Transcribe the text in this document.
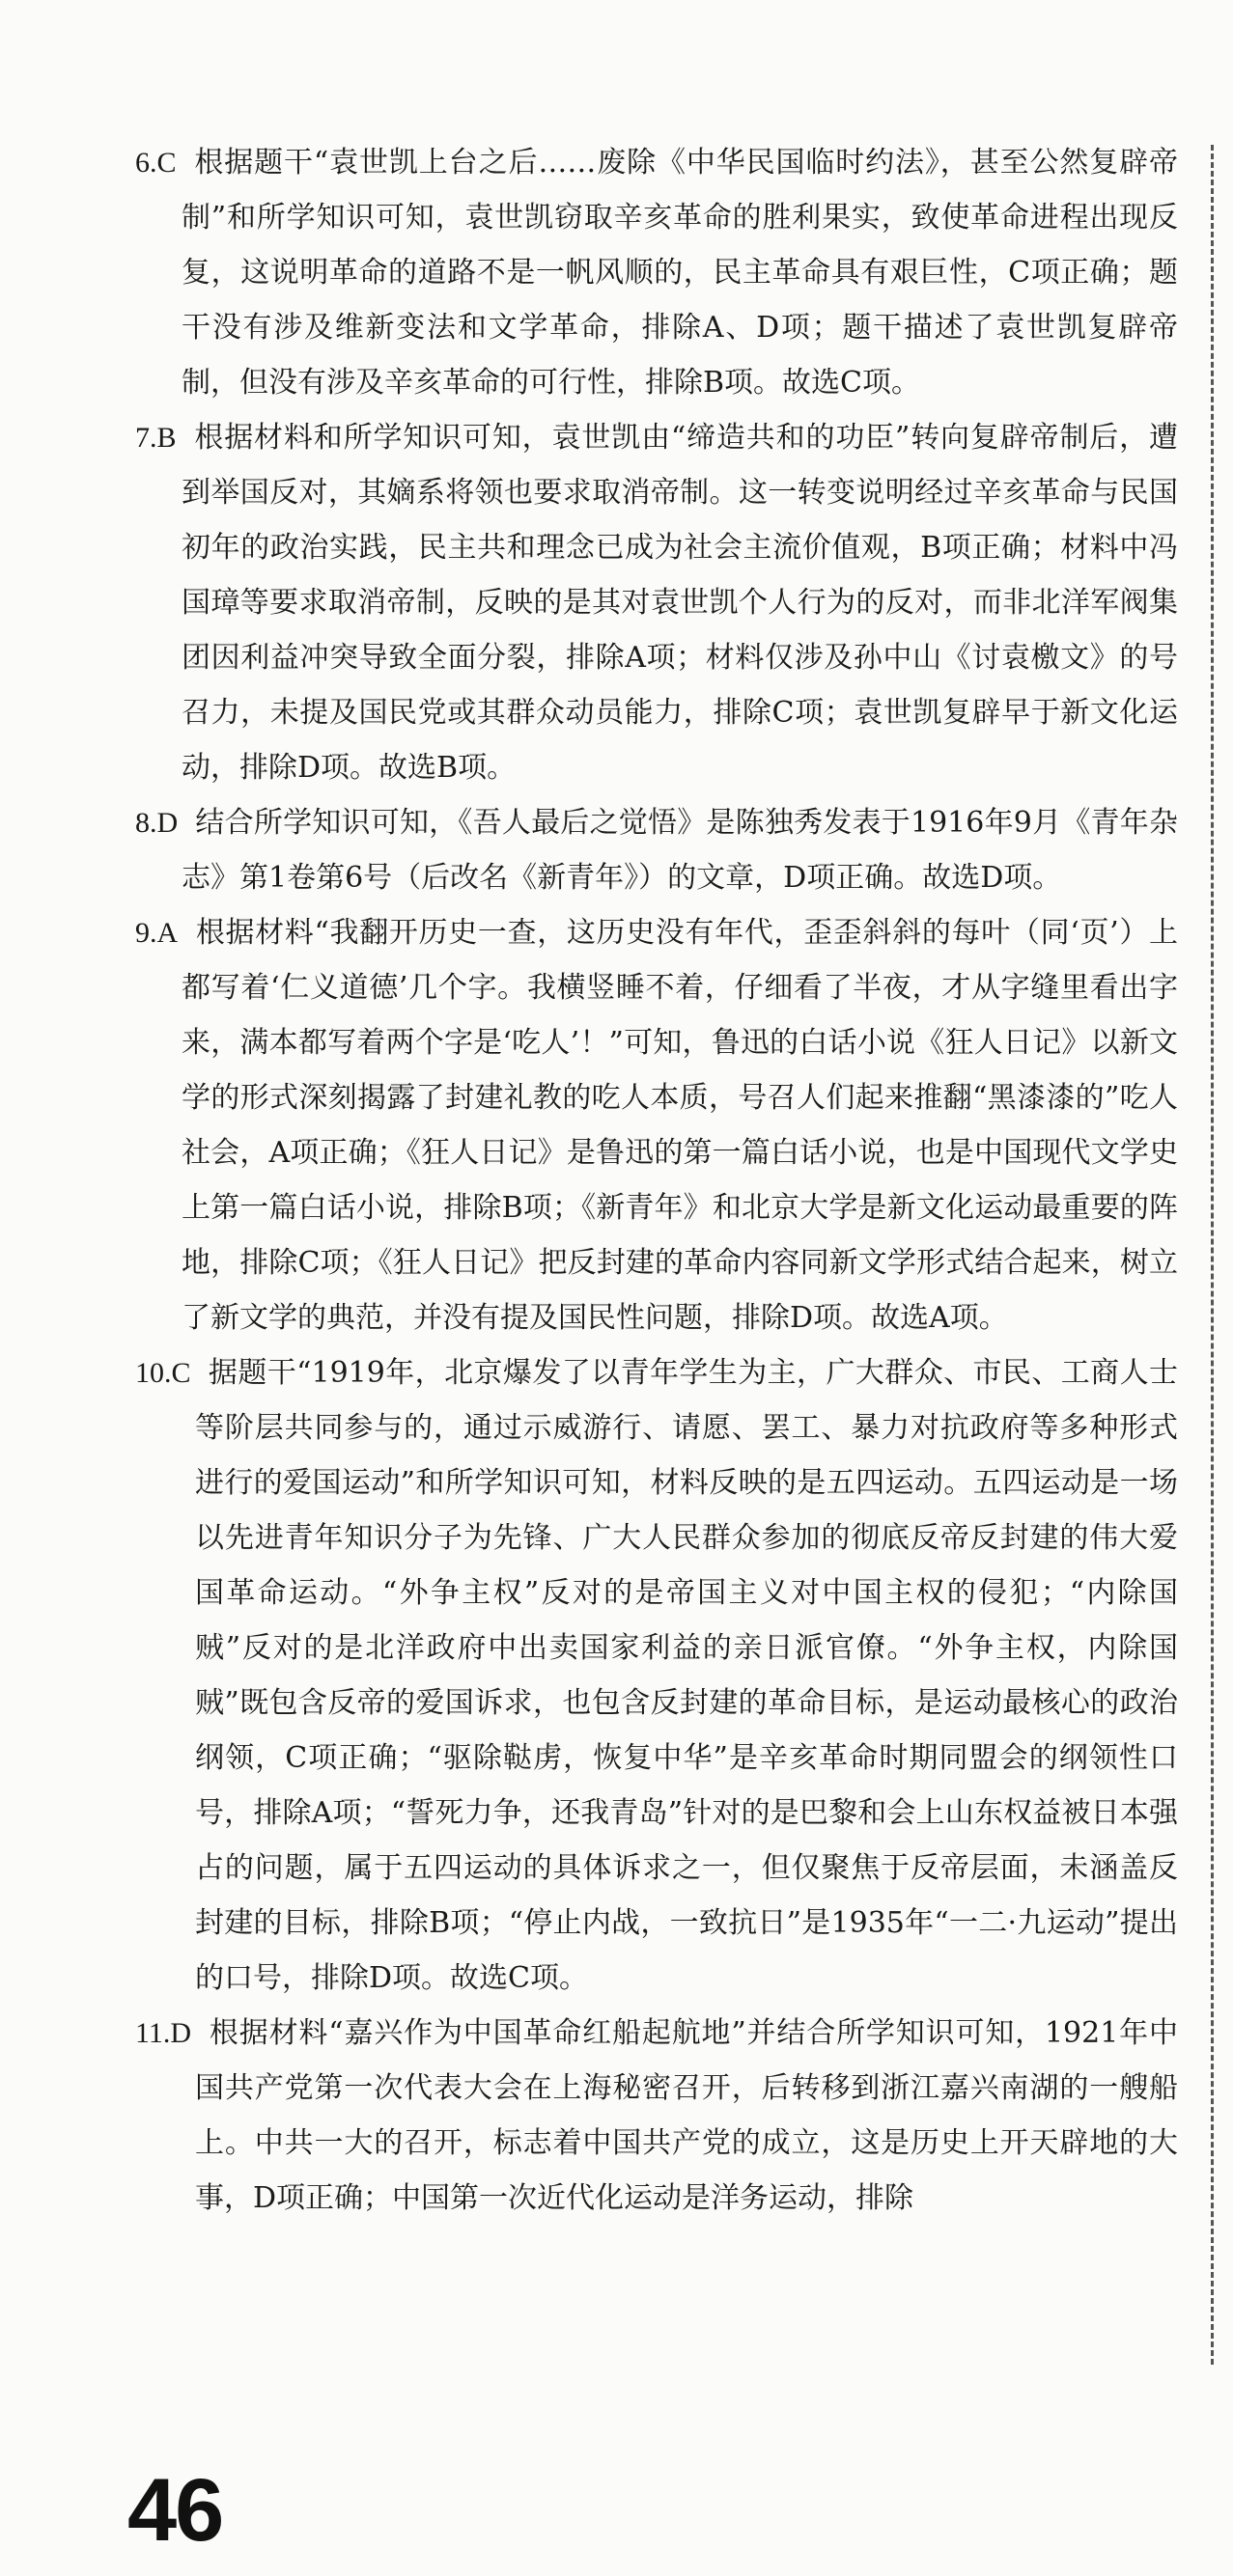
6.C 根据题干“袁世凯上台之后……废除《中华民国临时约法》，甚至公然复辟帝制”和所学知识可知，袁世凯窃取辛亥革命的胜利果实，致使革命进程出现反复，这说明革命的道路不是一帆风顺的，民主革命具有艰巨性，C项正确；题干没有涉及维新变法和文学革命，排除A、D项；题干描述了袁世凯复辟帝制，但没有涉及辛亥革命的可行性，排除B项。故选C项。

7.B 根据材料和所学知识可知，袁世凯由“缔造共和的功臣”转向复辟帝制后，遭到举国反对，其嫡系将领也要求取消帝制。这一转变说明经过辛亥革命与民国初年的政治实践，民主共和理念已成为社会主流价值观，B项正确；材料中冯国璋等要求取消帝制，反映的是其对袁世凯个人行为的反对，而非北洋军阀集团因利益冲突导致全面分裂，排除A项；材料仅涉及孙中山《讨袁檄文》的号召力，未提及国民党或其群众动员能力，排除C项；袁世凯复辟早于新文化运动，排除D项。故选B项。

8.D 结合所学知识可知，《吾人最后之觉悟》是陈独秀发表于1916年9月《青年杂志》第1卷第6号（后改名《新青年》）的文章，D项正确。故选D项。

9.A 根据材料“我翻开历史一查，这历史没有年代，歪歪斜斜的每叶（同‘页’）上都写着‘仁义道德’几个字。我横竖睡不着，仔细看了半夜，才从字缝里看出字来，满本都写着两个字是‘吃人’！”可知，鲁迅的白话小说《狂人日记》以新文学的形式深刻揭露了封建礼教的吃人本质，号召人们起来推翻“黑漆漆的”吃人社会，A项正确；《狂人日记》是鲁迅的第一篇白话小说，也是中国现代文学史上第一篇白话小说，排除B项；《新青年》和北京大学是新文化运动最重要的阵地，排除C项；《狂人日记》把反封建的革命内容同新文学形式结合起来，树立了新文学的典范，并没有提及国民性问题，排除D项。故选A项。

10.C 据题干“1919年，北京爆发了以青年学生为主，广大群众、市民、工商人士等阶层共同参与的，通过示威游行、请愿、罢工、暴力对抗政府等多种形式进行的爱国运动”和所学知识可知，材料反映的是五四运动。五四运动是一场以先进青年知识分子为先锋、广大人民群众参加的彻底反帝反封建的伟大爱国革命运动。“外争主权”反对的是帝国主义对中国主权的侵犯；“内除国贼”反对的是北洋政府中出卖国家利益的亲日派官僚。“外争主权，内除国贼”既包含反帝的爱国诉求，也包含反封建的革命目标，是运动最核心的政治纲领，C项正确；“驱除鞑虏，恢复中华”是辛亥革命时期同盟会的纲领性口号，排除A项；“誓死力争，还我青岛”针对的是巴黎和会上山东权益被日本强占的问题，属于五四运动的具体诉求之一，但仅聚焦于反帝层面，未涵盖反封建的目标，排除B项；“停止内战，一致抗日”是1935年“一二·九运动”提出的口号，排除D项。故选C项。

11.D 根据材料“嘉兴作为中国革命红船起航地”并结合所学知识可知，1921年中国共产党第一次代表大会在上海秘密召开，后转移到浙江嘉兴南湖的一艘船上。中共一大的召开，标志着中国共产党的成立，这是历史上开天辟地的大事，D项正确；中国第一次近代化运动是洋务运动，排除

46
